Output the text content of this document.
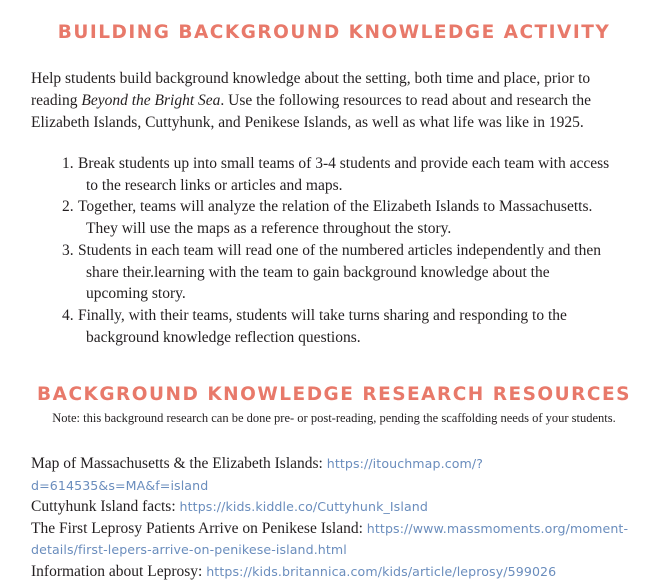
BUILDING BACKGROUND KNOWLEDGE ACTIVITY

Help students build background knowledge about the setting, both time and place, prior to reading Beyond the Bright Sea. Use the following resources to read about and research the Elizabeth Islands, Cuttyhunk, and Penikese Islands, as well as what life was like in 1925.

1. Break students up into small teams of 3-4 students and provide each team with access to the research links or articles and maps.
2. Together, teams will analyze the relation of the Elizabeth Islands to Massachusetts. They will use the maps as a reference throughout the story.
3. Students in each team will read one of the numbered articles independently and then share their.learning with the team to gain background knowledge about the upcoming story.
4. Finally, with their teams, students will take turns sharing and responding to the background knowledge reflection questions.
BACKGROUND KNOWLEDGE RESEARCH RESOURCES

Note: this background research can be done pre- or post-reading, pending the scaffolding needs of your students.

Map of Massachusetts & the Elizabeth Islands: https://itouchmap.com/?d=614535&s=MA&f=island

Cuttyhunk Island facts: https://kids.kiddle.co/Cuttyhunk_Island

The First Leprosy Patients Arrive on Penikese Island: https://www.massmoments.org/moment-details/first-lepers-arrive-on-penikese-island.html

Information about Leprosy: https://kids.britannica.com/kids/article/leprosy/599026
